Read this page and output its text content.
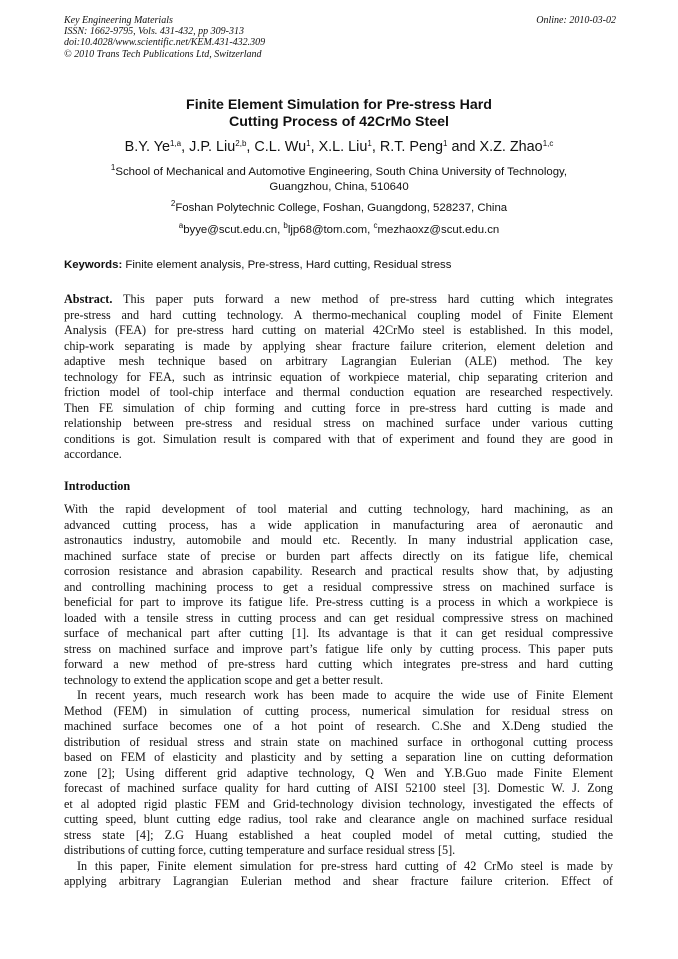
Key Engineering Materials
ISSN: 1662-9795, Vols. 431-432, pp 309-313
doi:10.4028/www.scientific.net/KEM.431-432.309
© 2010 Trans Tech Publications Ltd, Switzerland
Online: 2010-03-02
Finite Element Simulation for Pre-stress Hard
Cutting Process of 42CrMo Steel
B.Y. Ye$^{1,a}$, J.P. Liu$^{2,b}$, C.L. Wu$^1$, X.L. Liu$^1$, R.T. Peng$^1$ and X.Z. Zhao$^{1,c}$
$^1$School of Mechanical and Automotive Engineering, South China University of Technology,
Guangzhou, China, 510640
$^2$Foshan Polytechnic College, Foshan, Guangdong, 528237, China
$^a$byye@scut.edu.cn, $^b$ljp68@tom.com, $^c$mezhaoxz@scut.edu.cn
Keywords: Finite element analysis, Pre-stress, Hard cutting, Residual stress
Abstract. This paper puts forward a new method of pre-stress hard cutting which integrates
pre-stress and hard cutting technology. A thermo-mechanical coupling model of Finite Element
Analysis (FEA) for pre-stress hard cutting on material 42CrMo steel is established. In this model,
chip-work separating is made by applying shear fracture failure criterion, element deletion and
adaptive mesh technique based on arbitrary Lagrangian Eulerian (ALE) method. The key
technology for FEA, such as intrinsic equation of workpiece material, chip separating criterion and
friction model of tool-chip interface and thermal conduction equation are researched respectively.
Then FE simulation of chip forming and cutting force in pre-stress hard cutting is made and
relationship between pre-stress and residual stress on machined surface under various cutting
conditions is got. Simulation result is compared with that of experiment and found they are good in
accordance.
Introduction
With the rapid development of tool material and cutting technology, hard machining, as an
advanced cutting process, has a wide application in manufacturing area of aeronautic and
astronautics industry, automobile and mould etc. Recently. In many industrial application case,
machined surface state of precise or burden part affects directly on its fatigue life, chemical
corrosion resistance and abrasion capability. Research and practical results show that, by adjusting
and controlling machining process to get a residual compressive stress on machined surface is
beneficial for part to improve its fatigue life. Pre-stress cutting is a process in which a workpiece is
loaded with a tensile stress in cutting process and can get residual compressive stress on machined
surface of mechanical part after cutting [1]. Its advantage is that it can get residual compressive
stress on machined surface and improve part’s fatigue life only by cutting process. This paper puts
forward a new method of pre-stress hard cutting which integrates pre-stress and hard cutting
technology to extend the application scope and get a better result.
In recent years, much research work has been made to acquire the wide use of Finite Element
Method (FEM) in simulation of cutting process, numerical simulation for residual stress on
machined surface becomes one of a hot point of research. C.She and X.Deng studied the
distribution of residual stress and strain state on machined surface in orthogonal cutting process
based on FEM of elasticity and plasticity and by setting a separation line on cutting deformation
zone [2]; Using different grid adaptive technology, Q Wen and Y.B.Guo made Finite Element
forecast of machined surface quality for hard cutting of AISI 52100 steel [3]. Domestic W. J. Zong
et al adopted rigid plastic FEM and Grid-technology division technology, investigated the effects of
cutting speed, blunt cutting edge radius, tool rake and clearance angle on machined surface residual
stress state [4]; Z.G Huang established a heat coupled model of metal cutting, studied the
distributions of cutting force, cutting temperature and surface residual stress [5].
In this paper, Finite element simulation for pre-stress hard cutting of 42 CrMo steel is made by
applying arbitrary Lagrangian Eulerian method and shear fracture failure criterion. Effect of
